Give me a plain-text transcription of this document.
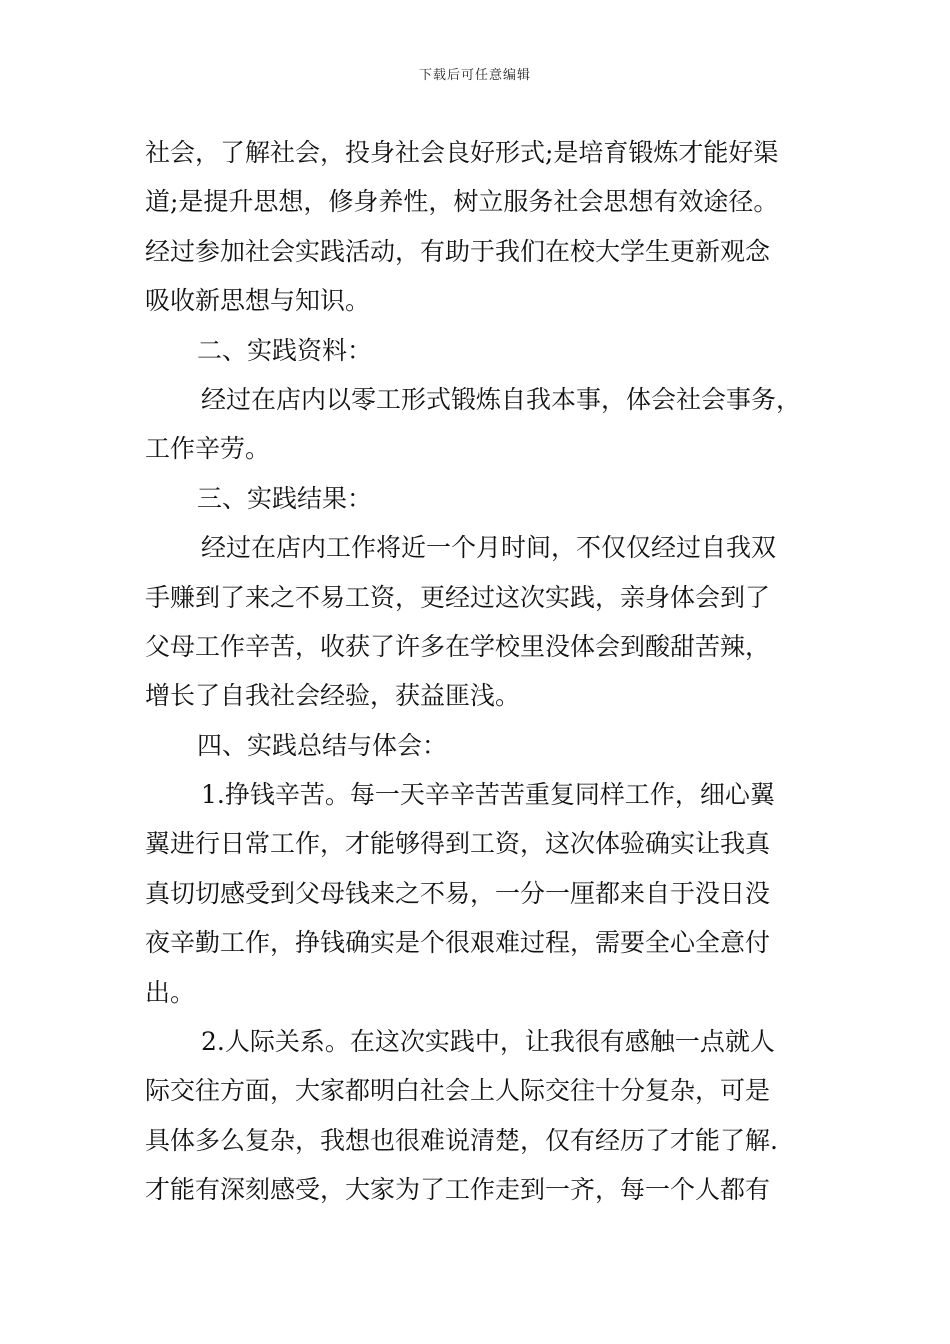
下载后可任意编辑
社会，了解社会，投身社会良好形式;是培育锻炼才能好渠
道;是提升思想，修身养性，树立服务社会思想有效途径。
经过参加社会实践活动，有助于我们在校大学生更新观念
吸收新思想与知识。
二、实践资料：
经过在店内以零工形式锻炼自我本事，体会社会事务，
工作辛劳。
三、实践结果：
经过在店内工作将近一个月时间，不仅仅经过自我双
手赚到了来之不易工资，更经过这次实践，亲身体会到了
父母工作辛苦，收获了许多在学校里没体会到酸甜苦辣，
增长了自我社会经验，获益匪浅。
四、实践总结与体会：
1.挣钱辛苦。每一天辛辛苦苦重复同样工作，细心翼
翼进行日常工作，才能够得到工资，这次体验确实让我真
真切切感受到父母钱来之不易，一分一厘都来自于没日没
夜辛勤工作，挣钱确实是个很艰难过程，需要全心全意付
出。
2.人际关系。在这次实践中，让我很有感触一点就人
际交往方面，大家都明白社会上人际交往十分复杂，可是
具体多么复杂，我想也很难说清楚，仅有经历了才能了解.
才能有深刻感受，大家为了工作走到一齐，每一个人都有
